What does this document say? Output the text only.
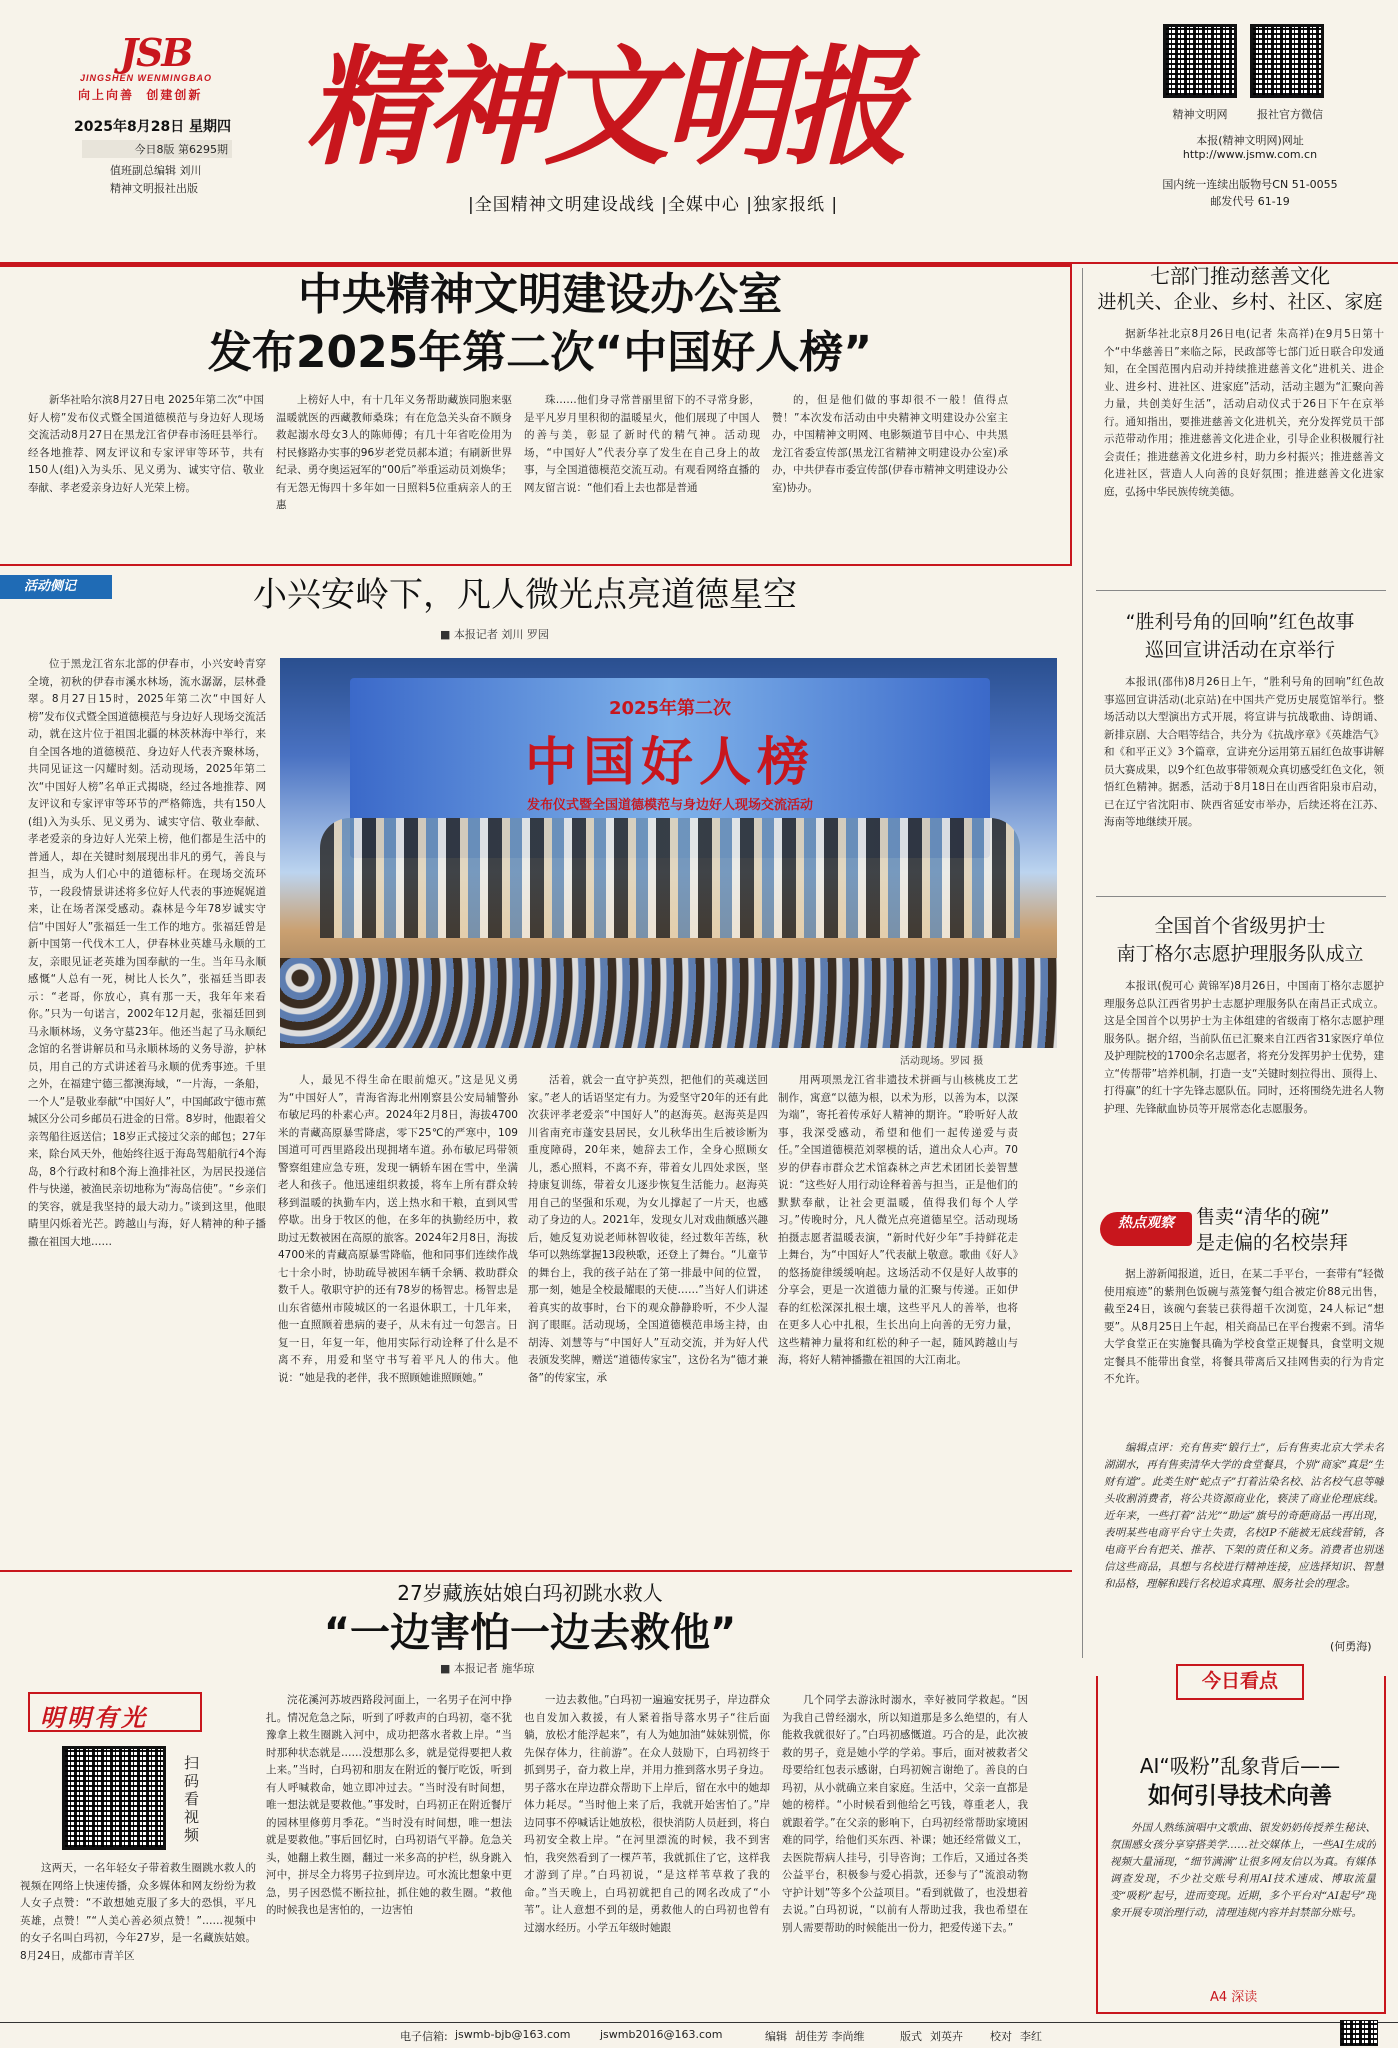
JSB
JINGSHEN WENMINGBAO
向上向善  创建创新
2025年8月28日 星期四
今日8版 第6295期
值班副总编辑 刘川
精神文明报社出版
精神文明报
|全国精神文明建设战线 |全媒中心 |独家报纸 |
精神文明网	报社官方微信
本报(精神文明网)网址
http://www.jsmw.com.cn
国内统一连续出版物号CN 51-0055
邮发代号 61-19
中央精神文明建设办公室
发布2025年第二次“中国好人榜”

新华社哈尔滨8月27日电 2025年第二次“中国好人榜”发布仪式暨全国道德模范与身边好人现场交流活动8月27日在黑龙江省伊春市汤旺县举行。经各地推荐、网友评议和专家评审等环节，共有150人(组)入为头乐、见义勇为、诚实守信、敬业奉献、孝老爱亲身边好人光荣上榜。

上榜好人中，有十几年义务帮助藏族同胞来驱温暖就医的西藏教师桑珠；有在危急关头奋不顾身救起溺水母女3人的陈师傅；有几十年省吃俭用为村民修路办实事的96岁老党员郝本道；有刷新世界纪录、勇夺奥运冠军的“00后”举重运动员刘焕华；有无怨无悔四十多年如一日照料5位重病亲人的王惠

珠……他们身寻常普丽里留下的不寻常身影，是平凡岁月里积彻的温暖星火，他们展现了中国人的善与美，彰显了新时代的精气神。活动现场，“中国好人”代表分享了发生在自己身上的故事，与全国道德模范交流互动。有观看网络直播的网友留言说：“他们看上去也都是普通

的，但是他们做的事却很不一般！值得点赞！”本次发布活动由中央精神文明建设办公室主办，中国精神文明网、电影频道节目中心、中共黑龙江省委宣传部(黑龙江省精神文明建设办公室)承办，中共伊春市委宣传部(伊春市精神文明建设办公室)协办。

活动侧记	小兴安岭下，凡人微光点亮道德星空
■ 本报记者 刘川 罗园

位于黑龙江省东北部的伊春市，小兴安岭青穿全境，初秋的伊春市溪水林场，流水潺潺，层林叠翠。8月27日15时，2025年第二次“中国好人榜”发布仪式暨全国道德模范与身边好人现场交流活动，就在这片位于祖国北疆的林茨林海中举行，来自全国各地的道德模范、身边好人代表齐聚林场，共同见证这一闪耀时刻。活动现场，2025年第二次“中国好人榜”名单正式揭晓，经过各地推荐、网友评议和专家评审等环节的严格筛选，共有150人(组)入为头乐、见义勇为、诚实守信、敬业奉献、孝老爱亲的身边好人光荣上榜，他们都是生活中的普通人，却在关键时刻展现出非凡的勇气，善良与担当，成为人们心中的道德标杆。在现场交流环节，一段段情景讲述将多位好人代表的事迹娓娓道来，让在场者深受感动。森林是今年78岁诚实守信“中国好人”张福廷一生工作的地方。张福廷曾是新中国第一代伐木工人，伊春林业英雄马永顺的工友，亲眼见证老英雄为国奉献的一生。当年马永顺感慨“人总有一死，树比人长久”，张福廷当即表示：“老哥，你放心，真有那一天，我年年来看你。”只为一句诺言，2002年12月起，张福廷回到马永顺林场，义务守墓23年。他还当起了马永顺纪念馆的名誉讲解员和马永顺林场的义务导游，护林员，用自己的方式讲述着马永顺的优秀事迹。千里之外，在福建宁德三都澳海域，“一片海，一条船，一个人”是敬业奉献“中国好人”，中国邮政宁德市蕉城区分公司乡邮员石进金的日常。8岁时，他跟着父亲驾船往返送信；18岁正式接过父亲的邮包；27年来，除台风天外，他始终往返于海岛驾船航行4个海岛，8个行政村和8个海上渔排社区，为居民投递信件与快递，被渔民亲切地称为“海岛信使”。“乡亲们的笑容，就是我坚持的最大动力。”谈到这里，他眼睛里闪烁着光芒。跨越山与海，好人精神的种子播撒在祖国大地……

2025年第二次
中国好人榜
发布仪式暨全国道德模范与身边好人现场交流活动
活动现场。罗园 摄

人，最见不得生命在眼前熄灭。”这是见义勇为“中国好人”，青海省海北州刚察县公安局辅警孙布敏尼玛的朴素心声。2024年2月8日，海拔4700米的青藏高原暴雪降虐，零下25℃的严寒中，109国道可可西里路段出现拥堵车道。孙布敏尼玛带领警察组建应急专班，发现一辆轿车困在雪中，坐满老人和孩子。他迅速组织救援，将车上所有群众转移到温暖的执勤车内，送上热水和干粮，直到风雪停歇。出身于牧区的他，在多年的执勤经历中，救助过无数被困在高原的旅客。2024年2月8日，海拔4700米的青藏高原暴雪降临，他和同事们连续作战七十余小时，协助疏导被困车辆千余辆、救助群众数千人。敬职守护的还有78岁的杨智忠。杨智忠是山东省德州市陵城区的一名退休职工，十几年来，他一直照顾着患病的妻子，从未有过一句怨言。日复一日，年复一年，他用实际行动诠释了什么是不离不弃，用爱和坚守书写着平凡人的伟大。他说：“她是我的老伴，我不照顾她谁照顾她。”

活着，就会一直守护英烈，把他们的英魂送回家。”老人的话语坚定有力。为爱坚守20年的还有此次获评孝老爱亲“中国好人”的赵海英。赵海英是四川省南充市蓬安县居民，女儿秋华出生后被诊断为重度障碍，20年来，她辞去工作，全身心照顾女儿，悉心照料，不离不弃，带着女儿四处求医，坚持康复训练，带着女儿逐步恢复生活能力。赵海英用自己的坚强和乐观，为女儿撑起了一片天，也感动了身边的人。2021年，发现女儿对戏曲颇感兴趣后，她反复劝说老师林智收徒，经过数年苦练，秋华可以熟练掌握13段秧歌，还登上了舞台。“儿童节的舞台上，我的孩子站在了第一排最中间的位置，那一刻，她是全校最耀眼的天使……”当好人们讲述着真实的故事时，台下的观众静静聆听，不少人湿润了眼眶。活动现场，全国道德模范串场主持，由胡涛、刘慧等与“中国好人”互动交流，并为好人代表颁发奖牌，赠送“道德传家宝”，这份名为“德才兼备”的传家宝，承

用两项黑龙江省非遗技术拼画与山核桃皮工艺制作，寓意“以德为根，以术为形，以善为本，以深为端”，寄托着传承好人精神的期许。“聆听好人故事，我深受感动，希望和他们一起传递爱与责任。”全国道德模范刘翠模的话，道出众人心声。70岁的伊春市群众艺术馆森林之声艺术团团长姜智慧说：“这些好人用行动诠释着善与担当，正是他们的默默奉献，让社会更温暖，值得我们每个人学习。”传晚时分，凡人微光点亮道德星空。活动现场拍摄志愿者温暖表演，“新时代好少年”手持鲜花走上舞台，为“中国好人”代表献上敬意。歌曲《好人》的悠扬旋律缓缓响起。这场活动不仅是好人故事的分享会，更是一次道德力量的汇聚与传递。正如伊春的红松深深扎根土壤，这些平凡人的善举，也将在更多人心中扎根，生长出向上向善的无穷力量，这些精神力量将和红松的种子一起，随风跨越山与海，将好人精神播撒在祖国的大江南北。

七部门推动慈善文化
进机关、企业、乡村、社区、家庭

据新华社北京8月26日电(记者 朱高祥)在9月5日第十个“中华慈善日”来临之际，民政部等七部门近日联合印发通知，在全国范围内启动并持续推进慈善文化“进机关、进企业、进乡村、进社区、进家庭”活动，活动主题为“汇聚向善力量，共创美好生活”，活动启动仪式于26日下午在京举行。通知指出，要推进慈善文化进机关，充分发挥党员干部示范带动作用；推进慈善文化进企业，引导企业积极履行社会责任；推进慈善文化进乡村，助力乡村振兴；推进慈善文化进社区，营造人人向善的良好氛围；推进慈善文化进家庭，弘扬中华民族传统美德。

“胜利号角的回响”红色故事
巡回宣讲活动在京举行

本报讯(邵伟)8月26日上午，“胜利号角的回响”红色故事巡回宣讲活动(北京站)在中国共产党历史展览馆举行。整场活动以大型演出方式开展，将宣讲与抗战歌曲、诗朗诵、新排京剧、大合唱等结合，共分为《抗战序章》《英雄浩气》和《和平正义》3个篇章，宣讲充分运用第五届红色故事讲解员大赛成果，以9个红色故事带领观众真切感受红色文化，领悟红色精神。据悉，活动于8月18日在山西省阳泉市启动，已在辽宁省沈阳市、陕西省延安市举办，后续还将在江苏、海南等地继续开展。

全国首个省级男护士
南丁格尔志愿护理服务队成立

本报讯(倪可心 黄锦军)8月26日，中国南丁格尔志愿护理服务总队江西省男护士志愿护理服务队在南昌正式成立。这是全国首个以男护士为主体组建的省级南丁格尔志愿护理服务队。据介绍，当前队伍已汇聚来自江西省31家医疗单位及护理院校的1700余名志愿者，将充分发挥男护士优势，建立“传帮带”培养机制，打造一支“关键时刻拉得出、顶得上、打得赢”的红十字先锋志愿队伍。同时，还将围绕先进名人物护理、先锋献血协员等开展常态化志愿服务。

热点观察	售卖“清华的碗”
是走偏的名校崇拜

据上游新闻报道，近日，在某二手平台，一套带有“轻微使用痕迹”的紫荆色饭碗与蒸笼餐勺组合被定价88元出售，截至24日，该碗勺套装已获得超千次浏览，24人标记“想要”。从8月25日上午起，相关商品已在平台搜索不到。清华大学食堂正在实施餐具确为学校食堂正规餐具，食堂明文规定餐具不能带出食堂，将餐具带离后又挂网售卖的行为肯定不允许。

编辑点评：充有售卖“锻行土”，后有售卖北京大学未名湖湖水，再有售卖清华大学的食堂餐具，个别“商家”真是“生财有道”。此类生财“蛇点子”打着沾染名校、沾名校气息等噱头收割消费者，将公共资源商业化，亵渎了商业伦理底线。近年来，一些打着“沾光”“助运”旗号的奇葩商品一再出现，表明某些电商平台守土失责，名校IP不能被无底线营销，各电商平台有把关、推荐、下架的责任和义务。消费者也别迷信这些商品，具想与名校进行精神连接，应选择知识、智慧和品格，理解和践行名校追求真理、服务社会的理念。

(何勇海)
27岁藏族姑娘白玛初跳水救人
“一边害怕一边去救他”
■ 本报记者 施华琼
明明有光
扫码看视频

这两天，一名年轻女子带着救生圈跳水救人的视频在网络上快速传播，众多媒体和网友纷纷为救人女子点赞：“不敢想她克服了多大的恐惧，平凡英雄，点赞！”“人美心善必须点赞！”……视频中的女子名叫白玛初，今年27岁，是一名藏族姑娘。8月24日，成都市青羊区

浣花溪河苏坡西路段河面上，一名男子在河中挣扎。情况危急之际，听到了呼救声的白玛初，毫不犹豫拿上救生圈跳入河中，成功把落水者救上岸。“当时那种状态就是……没想那么多，就是觉得要把人救上来。”当时，白玛初和朋友在附近的餐厅吃饭，听到有人呼喊救命，她立即冲过去。“当时没有时间想，唯一想法就是要救他。”事发时，白玛初正在附近餐厅的园林里修剪月季花。“当时没有时间想，唯一想法就是要救他。”事后回忆时，白玛初语气平静。危急关头，她翻上救生圈，翻过一米多高的护栏，纵身跳入河中，拼尽全力将男子拉到岸边。可水流比想象中更急，男子因恐慌不断拉扯，抓住她的救生圈。“救他的时候我也是害怕的，一边害怕

一边去救他。”白玛初一遍遍安抚男子，岸边群众也自发加入救援，有人紧着指导落水男子“往后面躺，放松才能浮起来”，有人为她加油“妹妹别慌，你先保存体力，往前游”。在众人鼓励下，白玛初终于抓到男子，奋力救上岸，并用力推到落水男子身边。男子落水在岸边群众帮助下上岸后，留在水中的她却体力耗尽。“当时他上来了后，我就开始害怕了。”岸边同事不停喊话让她放松，很快消防人员赶到，将白玛初安全救上岸。“在河里漂流的时候，我不到害怕，我突然看到了一棵芦苇，我就抓住了它，这样我才游到了岸。”白玛初说，“是这样苇草救了我的命。”当天晚上，白玛初就把自己的网名改成了“小苇”。让人意想不到的是，勇救他人的白玛初也曾有过溺水经历。小学五年级时她跟

几个同学去游泳时溺水，幸好被同学救起。“因为我自己曾经溺水，所以知道那是多么绝望的，有人能救我就很好了。”白玛初感慨道。巧合的是，此次被救的男子，竟是她小学的学弟。事后，面对被救者父母要给红包表示感谢，白玛初婉言谢绝了。善良的白玛初，从小就确立来自家庭。生活中，父亲一直都是她的榜样。“小时候看到他给乞丐钱，尊重老人，我就跟着学。”在父亲的影响下，白玛初经常帮助家境困难的同学，给他们买东西、补课；她还经常做义工，去医院帮病人挂号，引导咨询；工作后，又通过各类公益平台，积极参与爱心捐款，还参与了“流浪动物守护计划”等多个公益项目。“看到就做了，也没想着去说。”白玛初说，“以前有人帮助过我，我也希望在别人需要帮助的时候能出一份力，把爱传递下去。”

今日看点
AI“吸粉”乱象背后——
如何引导技术向善

外国人熟练演唱中文歌曲、银发奶奶传授养生秘诀、氛围感女孩分享穿搭美学……社交媒体上，一些AI生成的视频大量涌现，“细节满满”让很多网友信以为真。有媒体调查发现，不少社交账号利用AI技术速成、博取流量变“吸粉”起号，进而变现。近期，多个平台对“AI起号”现象开展专项治理行动，清理违规内容并封禁部分账号。

A4 深读
电子信箱: jswmb-bjb@163.com	jswmb2016@163.com	编辑 胡佳芳 李尚维	版式 刘英卉 校对 李红
